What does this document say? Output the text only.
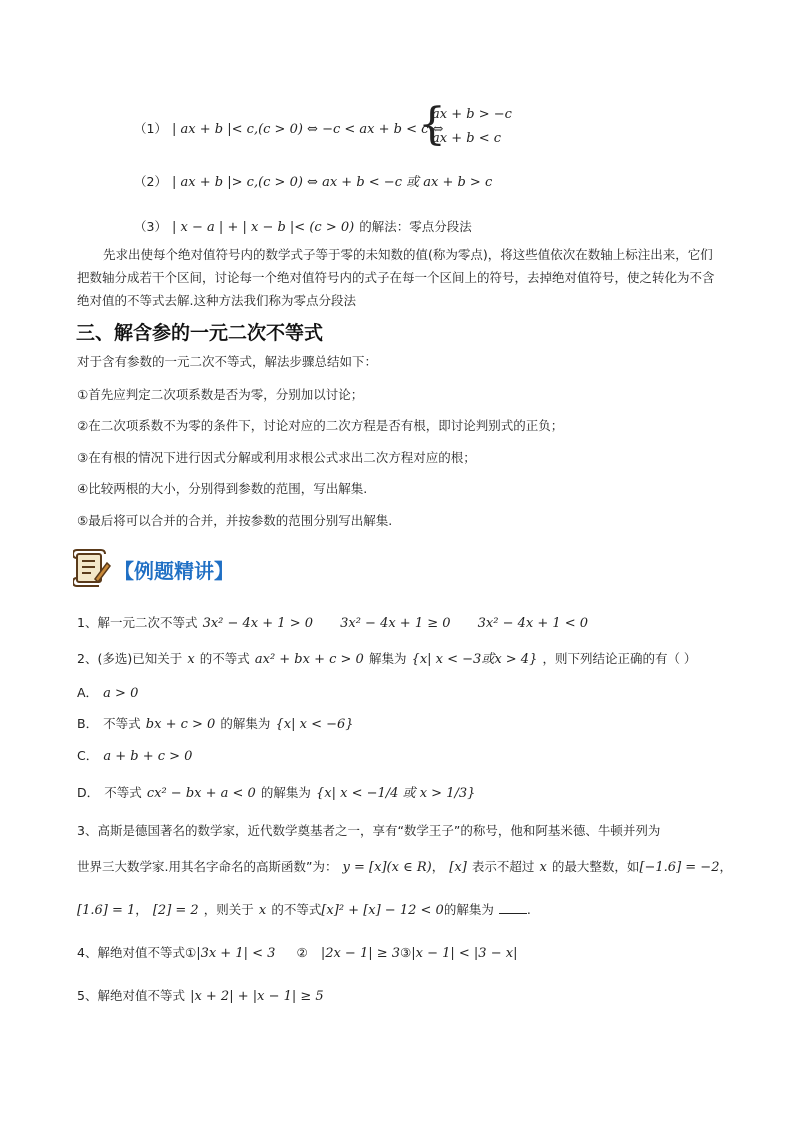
（1） | ax + b |< c,(c > 0) ⇔ −c < ax + b < c ⇔
{
ax + b > −c
ax + b < c
（2） | ax + b |> c,(c > 0) ⇔ ax + b < −c 或 ax + b > c
（3） | x − a | + | x − b |< (c > 0) 的解法：零点分段法
先求出使每个绝对值符号内的数学式子等于零的未知数的值(称为零点)，将这些值依次在数轴上标注出来，它们把数轴分成若干个区间，讨论每一个绝对值符号内的式子在每一个区间上的符号，去掉绝对值符号，使之转化为不含绝对值的不等式去解.这种方法我们称为零点分段法
三、解含参的一元二次不等式
对于含有参数的一元二次不等式，解法步骤总结如下：
①首先应判定二次项系数是否为零，分别加以讨论；
②在二次项系数不为零的条件下，讨论对应的二次方程是否有根，即讨论判别式的正负；
③在有根的情况下进行因式分解或利用求根公式求出二次方程对应的根；
④比较两根的大小，分别得到参数的范围，写出解集.
⑤最后将可以合并的合并，并按参数的范围分别写出解集.
【例题精讲】
1、解一元二次不等式 3x² − 4x + 1 > 0 3x² − 4x + 1 ≥ 0 3x² − 4x + 1 < 0
2、(多选)已知关于 x 的不等式 ax² + bx + c > 0 解集为 {x| x < −3或x > 4} ，则下列结论正确的有（ ）
A． a > 0
B． 不等式 bx + c > 0 的解集为 {x| x < −6}
C． a + b + c > 0
D． 不等式 cx² − bx + a < 0 的解集为 {x| x < −1/4 或 x > 1/3}
3、高斯是德国著名的数学家，近代数学奠基者之一，享有“数学王子”的称号，他和阿基米德、牛顿并列为
世界三大数学家.用其名字命名的高斯函数”为： y = [x](x ∈ R)， [x] 表示不超过 x 的最大整数，如[−1.6] = −2，
[1.6] = 1， [2] = 2 ，则关于 x 的不等式[x]² + [x] − 12 < 0的解集为	.
4、解绝对值不等式①|3x + 1| < 3 ② |2x − 1| ≥ 3③|x − 1| < |3 − x|
5、解绝对值不等式 |x + 2| + |x − 1| ≥ 5
